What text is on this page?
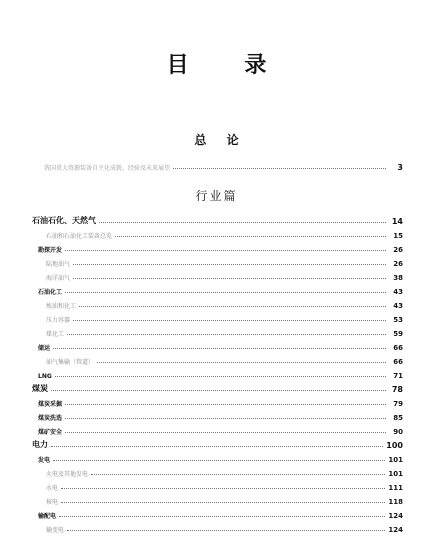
目 录
总 论
我国重大资源装备自主化成就、经验及未来展望	3
行业篇
石油石化、天然气	14
石油和石油化工装备总览	15
勘探开发	26
陆地油气	26
海洋油气	38
石油化工	43
炼油和化工	43
压力容器	53
煤化工	59
储运	66
油气集输（管道）	66
LNG	71
煤炭	78
煤炭采掘	79
煤炭洗选	85
煤矿安全	90
电力	100
发电	101
火电及其他发电	101
水电	111
核电	118
输配电	124
输变电	124
